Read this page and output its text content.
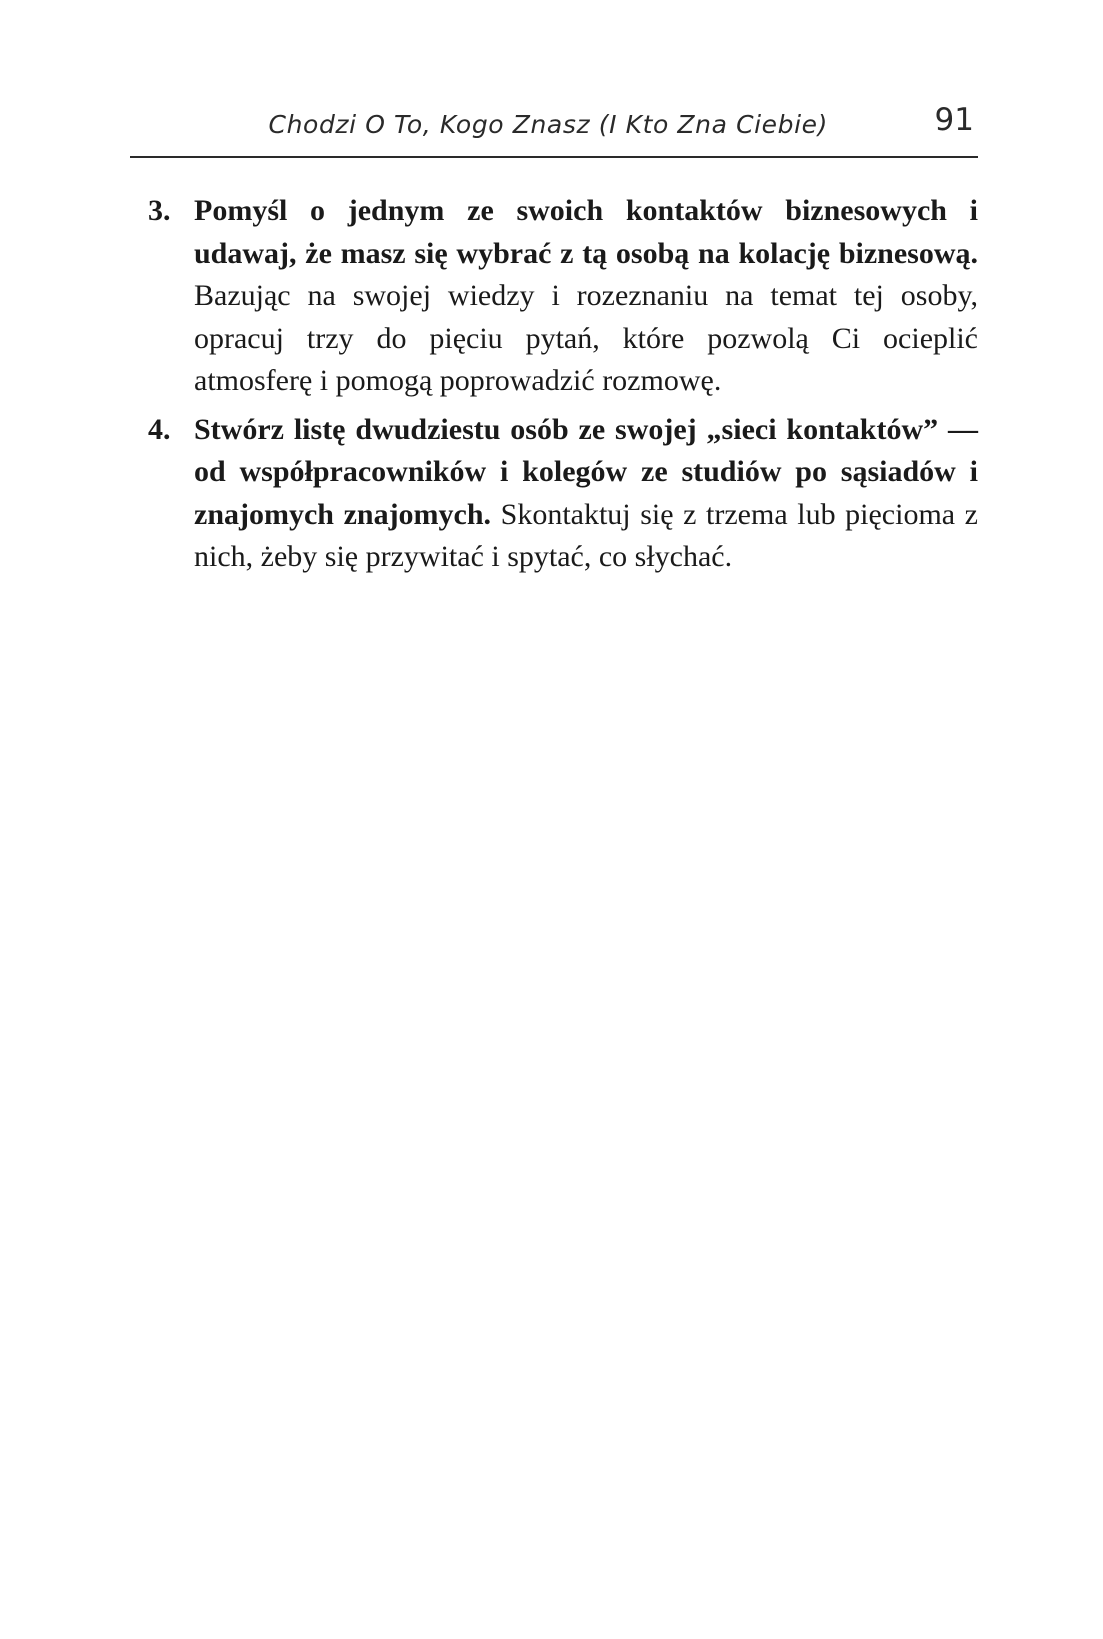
Chodzi O To, Kogo Znasz (I Kto Zna Ciebie)	91
3. Pomyśl o jednym ze swoich kontaktów biznesowych i udawaj, że masz się wybrać z tą osobą na kolację biznesową. Bazując na swojej wiedzy i rozeznaniu na temat tej osoby, opracuj trzy do pięciu pytań, które pozwolą Ci ocieplić atmosferę i pomogą poprowadzić rozmowę.
4. Stwórz listę dwudziestu osób ze swojej „sieci kontaktów” — od współpracowników i kolegów ze studiów po sąsiadów i znajomych znajomych. Skontaktuj się z trzema lub pięcioma z nich, żeby się przywitać i spytać, co słychać.
